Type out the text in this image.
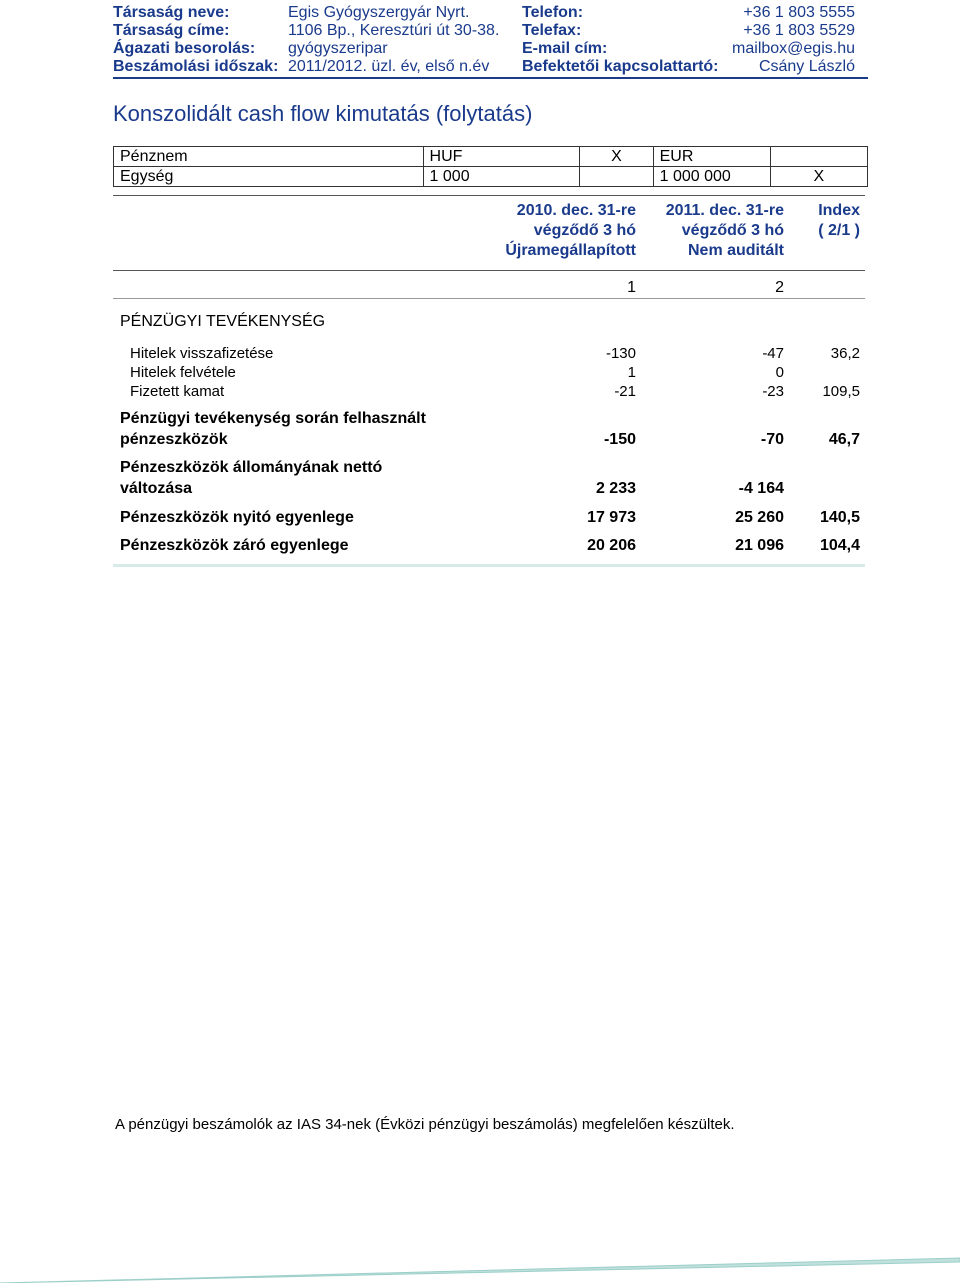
Társaság neve:	Egis Gyógyszergyár Nyrt.
Társaság címe:	1106 Bp., Keresztúri út 30-38.
Ágazati besorolás: gyógyszeripar
Beszámolási időszak: 2011/2012. üzl. év, első n.év
Telefon:	+36 1 803 5555
Telefax:	+36 1 803 5529
E-mail cím:	mailbox@egis.hu
Befektetői kapcsolattartó:	Csány László
Konszolidált cash flow kimutatás (folytatás)
Pénznem	HUF	X	EUR	
Egység	1 000		1 000 000	X
2010. dec. 31-re
végződő 3 hó
Újramegállapított
2011. dec. 31-re
végződő 3 hó
Nem auditált
Index
( 2/1 )
1	2
PÉNZÜGYI TEVÉKENYSÉG
Hitelek visszafizetése	-130	-47	36,2
Hitelek felvétele	1	0
Fizetett kamat	-21	-23	109,5
Pénzügyi tevékenység során felhasznált
pénzeszközök	-150	-70	46,7
Pénzeszközök állományának nettó
változása	2 233	-4 164
Pénzeszközök nyitó egyenlege	17 973	25 260	140,5
Pénzeszközök záró egyenlege	20 206	21 096	104,4
A pénzügyi beszámolók az IAS 34-nek (Évközi pénzügyi beszámolás) megfelelően készültek.
